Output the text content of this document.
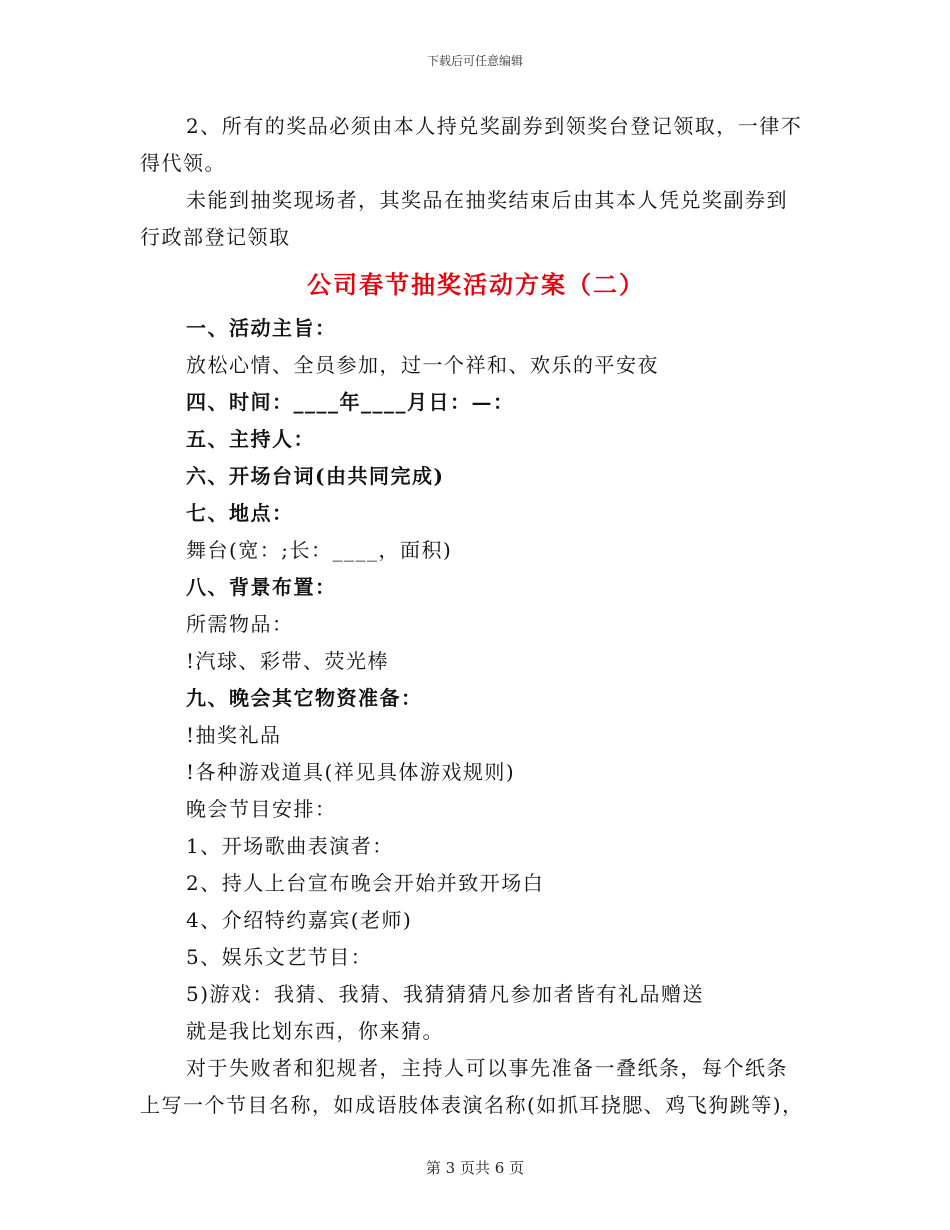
下载后可任意编辑

2、所有的奖品必须由本人持兑奖副券到领奖台登记领取，一律不

得代领。

未能到抽奖现场者，其奖品在抽奖结束后由其本人凭兑奖副券到

行政部登记领取

公司春节抽奖活动方案（二）

一、活动主旨：

放松心情、全员参加，过一个祥和、欢乐的平安夜

四、时间：____年____月日：—：

五、主持人：

六、开场台词(由共同完成)

七、地点：

舞台(宽：;长：____，面积)

八、背景布置：

所需物品：

!汽球、彩带、荧光棒

九、晚会其它物资准备：

!抽奖礼品

!各种游戏道具(祥见具体游戏规则)

晚会节目安排：

1、开场歌曲表演者：

2、持人上台宣布晚会开始并致开场白

4、介绍特约嘉宾(老师)

5、娱乐文艺节目：

5)游戏：我猜、我猜、我猜猜猜凡参加者皆有礼品赠送

就是我比划东西，你来猜。

对于失败者和犯规者，主持人可以事先准备一叠纸条，每个纸条

上写一个节目名称，如成语肢体表演名称(如抓耳挠腮、鸡飞狗跳等)，

第 3 页共 6 页
